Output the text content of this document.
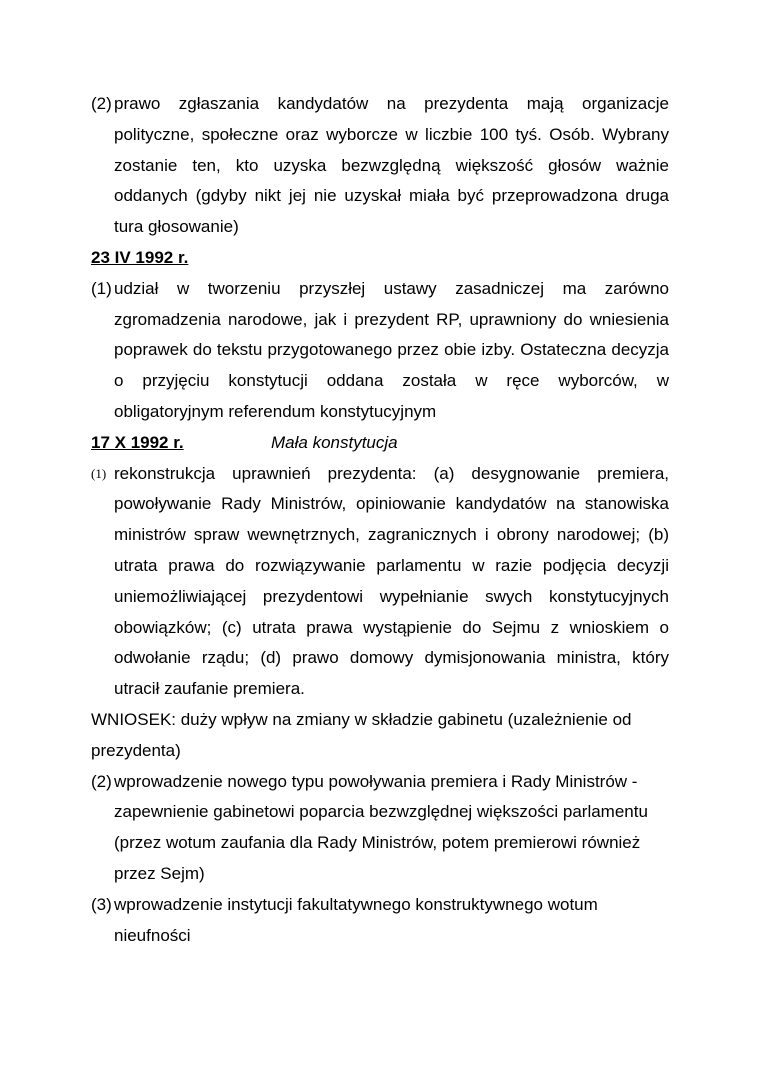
(2) prawo zgłaszania kandydatów na prezydenta mają organizacje polityczne, społeczne oraz wyborcze w liczbie 100 tyś. Osób. Wybrany zostanie ten, kto uzyska bezwzględną większość głosów ważnie oddanych (gdyby nikt jej nie uzyskał miała być przeprowadzona druga tura głosowanie)
23 IV 1992 r.
(1) udział w tworzeniu przyszłej ustawy zasadniczej ma zarówno zgromadzenia narodowe, jak i prezydent RP, uprawniony do wniesienia poprawek do tekstu przygotowanego przez obie izby. Ostateczna decyzja o przyjęciu konstytucji oddana została w ręce wyborców, w obligatoryjnym referendum konstytucyjnym
17 X 1992 r.	Mała konstytucja
(1) rekonstrukcja uprawnień prezydenta: (a) desygnowanie premiera, powoływanie Rady Ministrów, opiniowanie kandydatów na stanowiska ministrów spraw wewnętrznych, zagranicznych i obrony narodowej; (b) utrata prawa do rozwiązywanie parlamentu w razie podjęcia decyzji uniemożliwiającej prezydentowi wypełnianie swych konstytucyjnych obowiązków; (c) utrata prawa wystąpienie do Sejmu z wnioskiem o odwołanie rządu; (d) prawo domowy dymisjonowania ministra, który utracił zaufanie premiera.
WNIOSEK: duży wpływ na zmiany w składzie gabinetu (uzależnienie od prezydenta)
(2) wprowadzenie nowego typu powoływania premiera i Rady Ministrów - zapewnienie gabinetowi poparcia bezwzględnej większości parlamentu (przez wotum zaufania dla Rady Ministrów, potem premierowi również przez Sejm)
(3) wprowadzenie instytucji fakultatywnego konstruktywnego wotum nieufności
